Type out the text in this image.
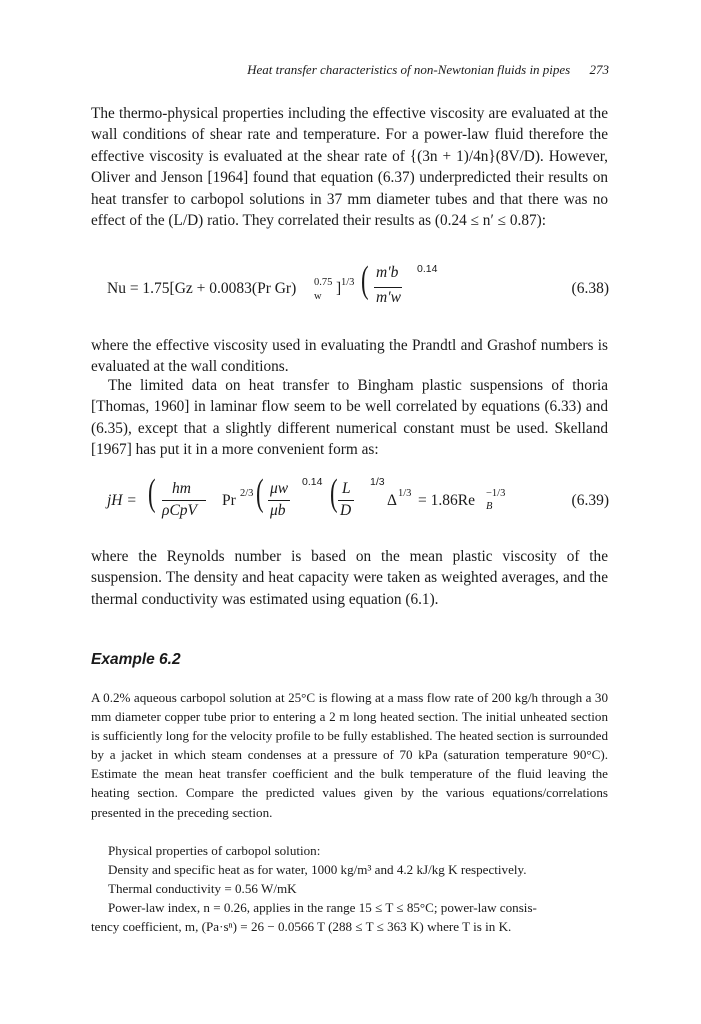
Heat transfer characteristics of non-Newtonian fluids in pipes 273

The thermo-physical properties including the effective viscosity are evaluated at the wall conditions of shear rate and temperature. For a power-law fluid therefore the effective viscosity is evaluated at the shear rate of {(3n + 1)/4n}(8V/D). However, Oliver and Jenson [1964] found that equation (6.37) underpredicted their results on heat transfer to carbopol solutions in 37 mm diameter tubes and that there was no effect of the (L/D) ratio. They correlated their results as (0.24 ≤ n′ ≤ 0.87):

Nu = 1.75[Gz + 0.0083(Pr Gr) 0.75
w ] 1/3 ( m′b
m′w
0.14
(6.38)

where the effective viscosity used in evaluating the Prandtl and Grashof numbers is evaluated at the wall conditions.

The limited data on heat transfer to Bingham plastic suspensions of thoria [Thomas, 1960] in laminar flow seem to be well correlated by equations (6.33) and (6.35), except that a slightly different numerical constant must be used. Skelland [1967] has put it in a more convenient form as:

jH = ( hm
ρCpV
Pr 2/3 ( μw
μb
0.14 ( L
D
1/3
Δ 1/3 = 1.86Re −1/3
B	(6.39)

where the Reynolds number is based on the mean plastic viscosity of the suspension. The density and heat capacity were taken as weighted averages, and the thermal conductivity was estimated using equation (6.1).

Example 6.2

A 0.2% aqueous carbopol solution at 25°C is flowing at a mass flow rate of 200 kg/h through a 30 mm diameter copper tube prior to entering a 2 m long heated section. The initial unheated section is sufficiently long for the velocity profile to be fully established. The heated section is surrounded by a jacket in which steam condenses at a pressure of 70 kPa (saturation temperature 90°C). Estimate the mean heat transfer coefficient and the bulk temperature of the fluid leaving the heating section. Compare the predicted values given by the various equations/correlations presented in the preceding section.

Physical properties of carbopol solution:

Density and specific heat as for water, 1000 kg/m³ and 4.2 kJ/kg K respectively.

Thermal conductivity = 0.56 W/mK

Power-law index, n = 0.26, applies in the range 15 ≤ T ≤ 85°C; power-law consis-

tency coefficient, m, (Pa·sⁿ) = 26 − 0.0566 T (288 ≤ T ≤ 363 K) where T is in K.
